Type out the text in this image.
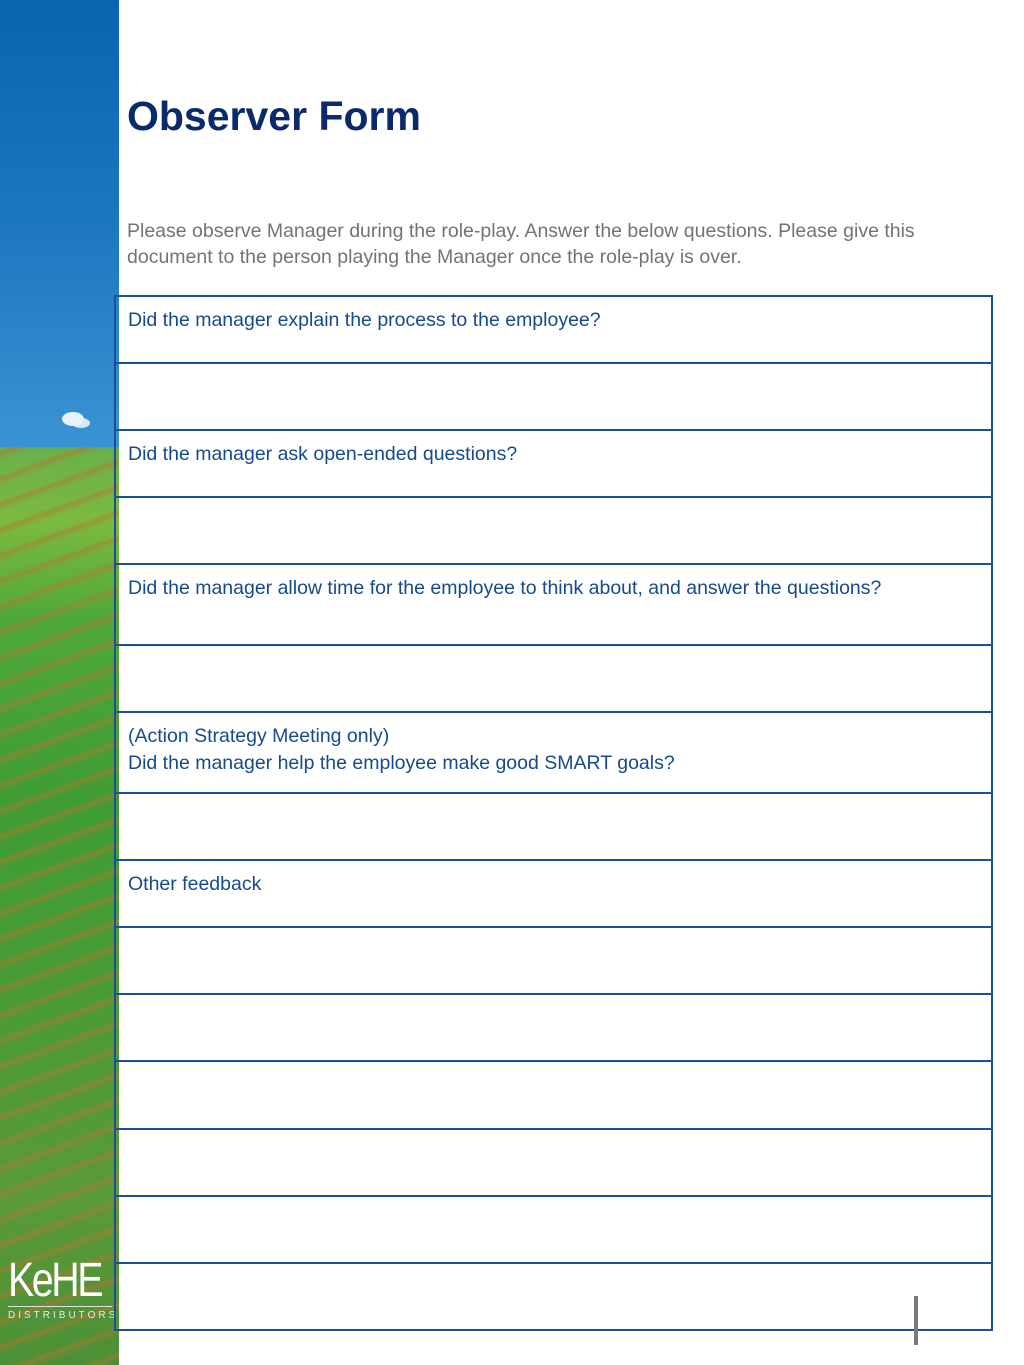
KeHE
DISTRIBUTORS
Observer Form
Please observe Manager during the role-play. Answer the below questions. Please give this document to the person playing the Manager once the role-play is over.
Did the manager explain the process to the employee?
Did the manager ask open-ended questions?
Did the manager allow time for the employee to think about, and answer the questions?
(Action Strategy Meeting only)
Did the manager help the employee make good SMART goals?
Other feedback
